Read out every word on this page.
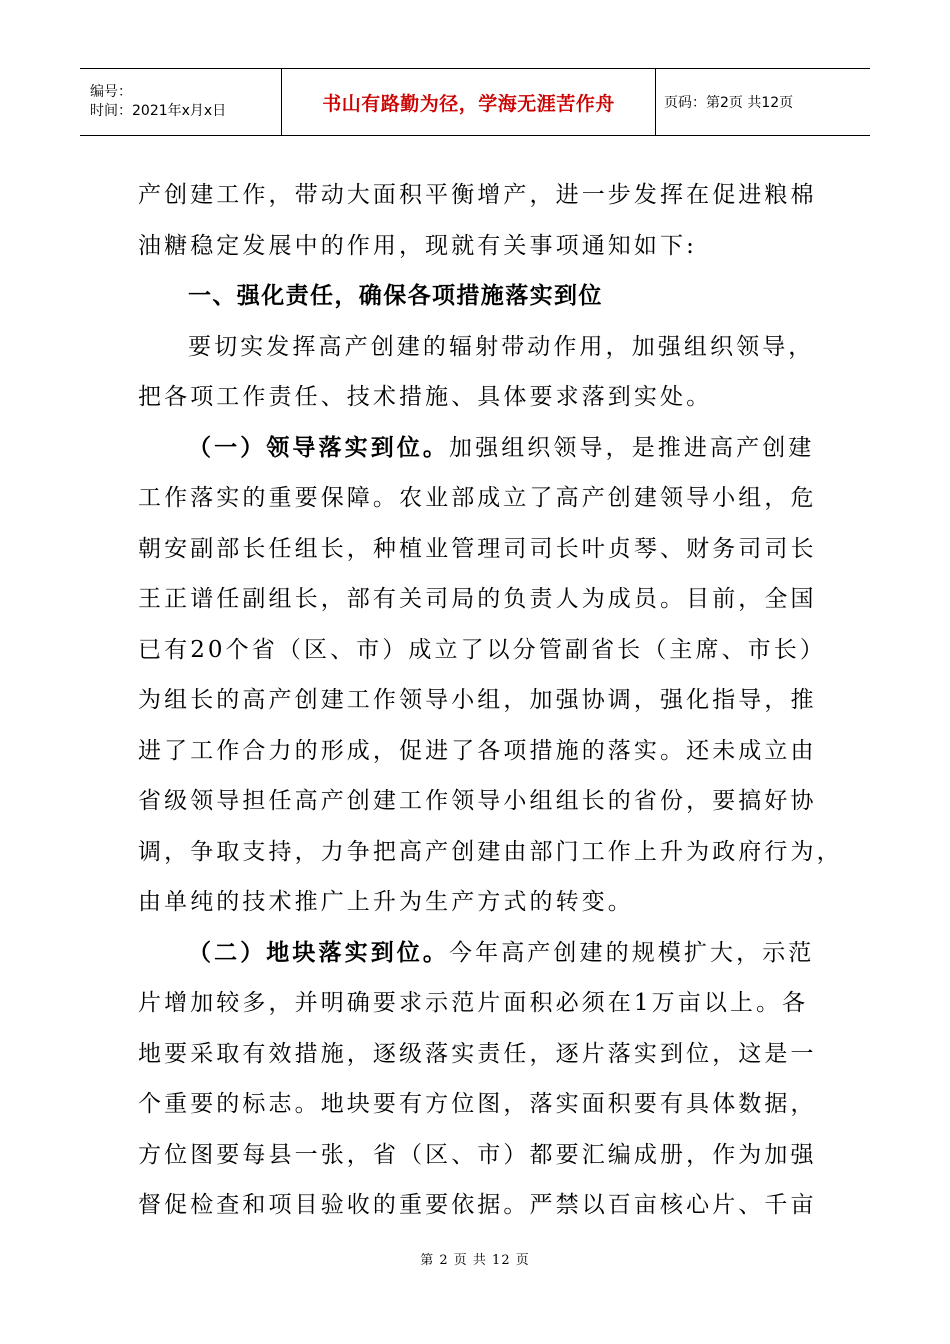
编号：
时间：2021年x月x日	书山有路勤为径，学海无涯苦作舟	页码：第2页 共12页
产创建工作，带动大面积平衡增产，进一步发挥在促进粮棉
油糖稳定发展中的作用，现就有关事项通知如下:
一、强化责任，确保各项措施落实到位
要切实发挥高产创建的辐射带动作用，加强组织领导，
把各项工作责任、技术措施、具体要求落到实处。
（一）领导落实到位。加强组织领导，是推进高产创建
工作落实的重要保障。农业部成立了高产创建领导小组，危
朝安副部长任组长，种植业管理司司长叶贞琴、财务司司长
王正谱任副组长，部有关司局的负责人为成员。目前，全国
已有20个省（区、市）成立了以分管副省长（主席、市长）
为组长的高产创建工作领导小组，加强协调，强化指导，推
进了工作合力的形成，促进了各项措施的落实。还未成立由
省级领导担任高产创建工作领导小组组长的省份，要搞好协
调，争取支持，力争把高产创建由部门工作上升为政府行为，
由单纯的技术推广上升为生产方式的转变。
（二）地块落实到位。今年高产创建的规模扩大，示范
片增加较多，并明确要求示范片面积必须在1万亩以上。各
地要采取有效措施，逐级落实责任，逐片落实到位，这是一
个重要的标志。地块要有方位图，落实面积要有具体数据，
方位图要每县一张，省（区、市）都要汇编成册，作为加强
督促检查和项目验收的重要依据。严禁以百亩核心片、千亩
第 2 页 共 12 页
